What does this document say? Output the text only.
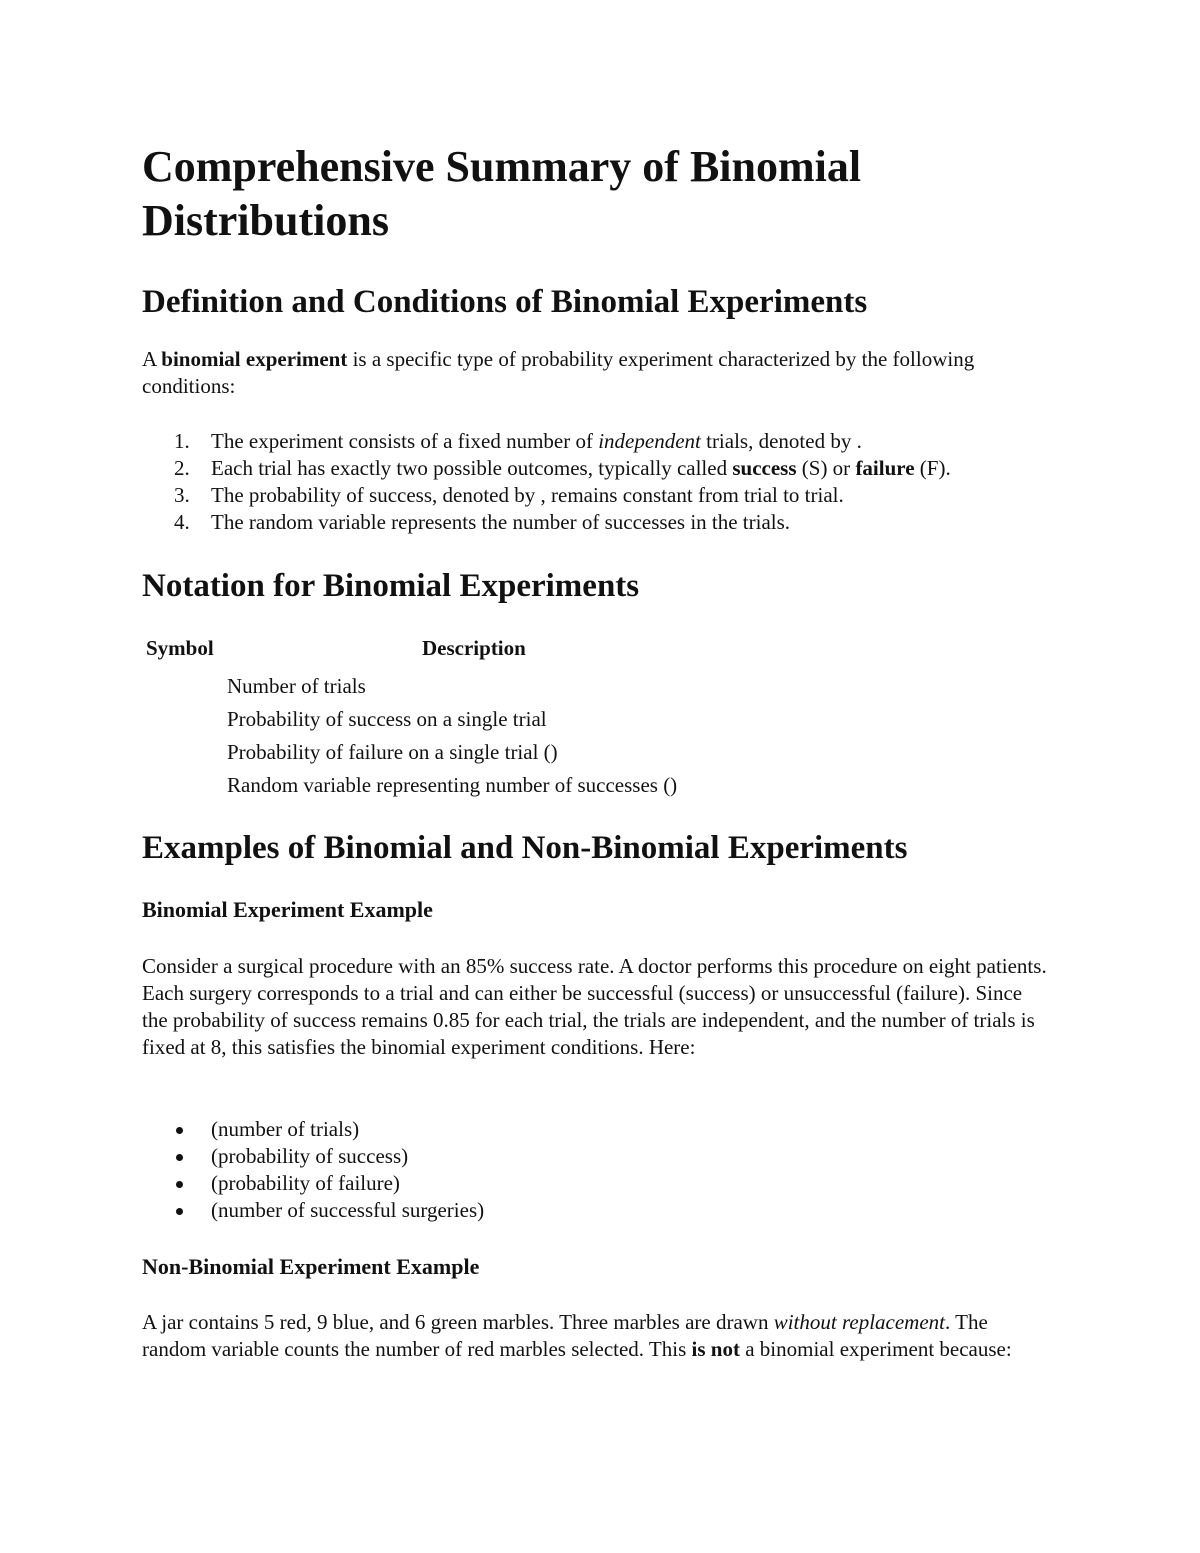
Comprehensive Summary of Binomial Distributions
Definition and Conditions of Binomial Experiments

A binomial experiment is a specific type of probability experiment characterized by the following conditions:

1. The experiment consists of a fixed number of independent trials, denoted by .
2. Each trial has exactly two possible outcomes, typically called success (S) or failure (F).
3. The probability of success, denoted by , remains constant from trial to trial.
4. The random variable represents the number of successes in the trials.
Notation for Binomial Experiments
Symbol	Description
Number of trials
Probability of success on a single trial
Probability of failure on a single trial ()
Random variable representing number of successes ()
Examples of Binomial and Non-Binomial Experiments
Binomial Experiment Example

Consider a surgical procedure with an 85% success rate. A doctor performs this procedure on eight patients. Each surgery corresponds to a trial and can either be successful (success) or unsuccessful (failure). Since the probability of success remains 0.85 for each trial, the trials are independent, and the number of trials is fixed at 8, this satisfies the binomial experiment conditions. Here:

(number of trials)
(probability of success)
(probability of failure)
(number of successful surgeries)
Non-Binomial Experiment Example

A jar contains 5 red, 9 blue, and 6 green marbles. Three marbles are drawn without replacement. The random variable counts the number of red marbles selected. This is not a binomial experiment because:
